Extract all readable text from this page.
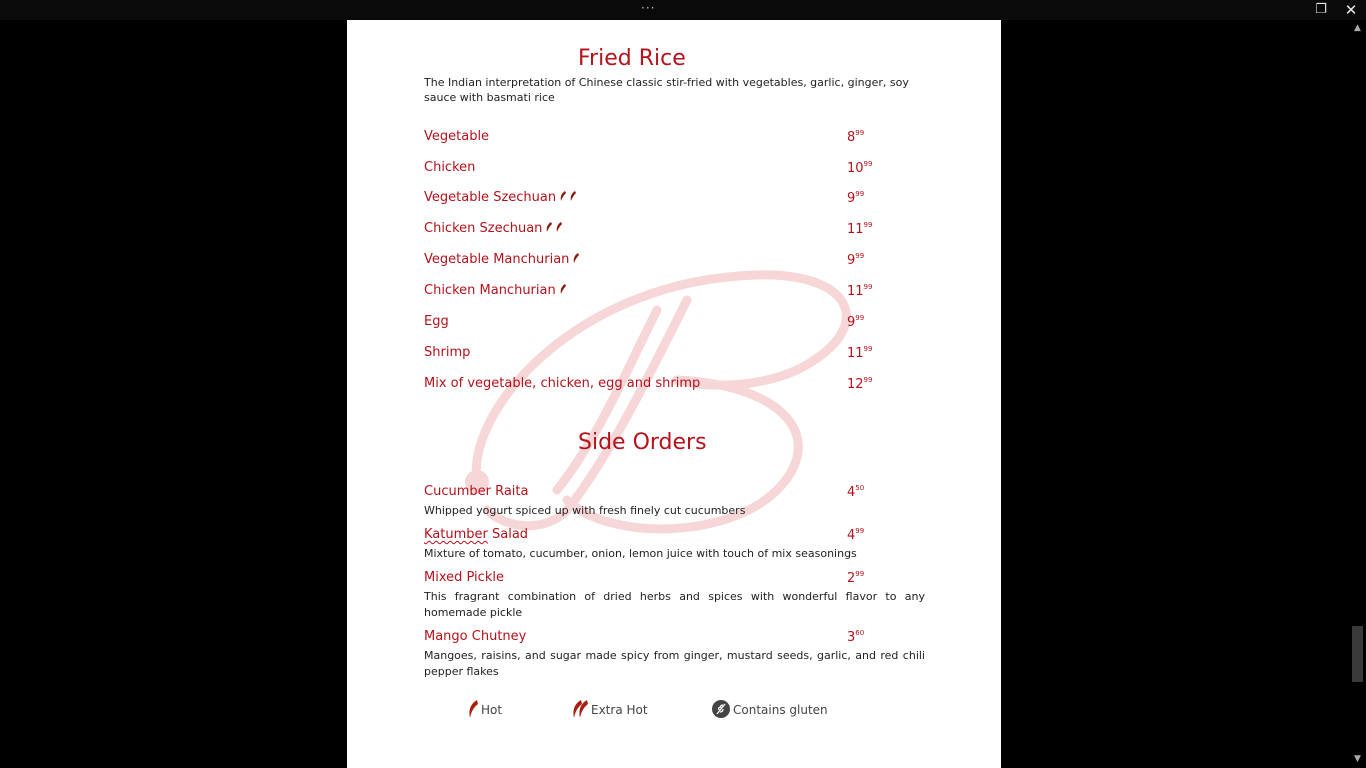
···	❐	✕
▲
▼
Fried Rice
The Indian interpretation of Chinese classic stir-fried with vegetables, garlic, ginger, soy sauce with basmati rice
Vegetable	$8^{99}$
Chicken	$10^{99}$
Vegetable Szechuan	$9^{99}$
Chicken Szechuan	$11^{99}$
Vegetable Manchurian	$9^{99}$
Chicken Manchurian	$11^{99}$
Egg	$9^{99}$
Shrimp	$11^{99}$
Mix of vegetable, chicken, egg and shrimp	$12^{99}$
Side Orders
Cucumber Raita	$4^{50}$
Whipped yogurt spiced up with fresh finely cut cucumbers
Katumber Salad	$4^{99}$
Mixture of tomato, cucumber, onion, lemon juice with touch of mix seasonings
Mixed Pickle	$2^{99}$
This fragrant combination of dried herbs and spices with wonderful flavor to any homemade pickle
Mango Chutney	$3^{60}$
Mangoes, raisins, and sugar made spicy from ginger, mustard seeds, garlic, and red chili pepper flakes
Hot	Extra Hot	Contains gluten
